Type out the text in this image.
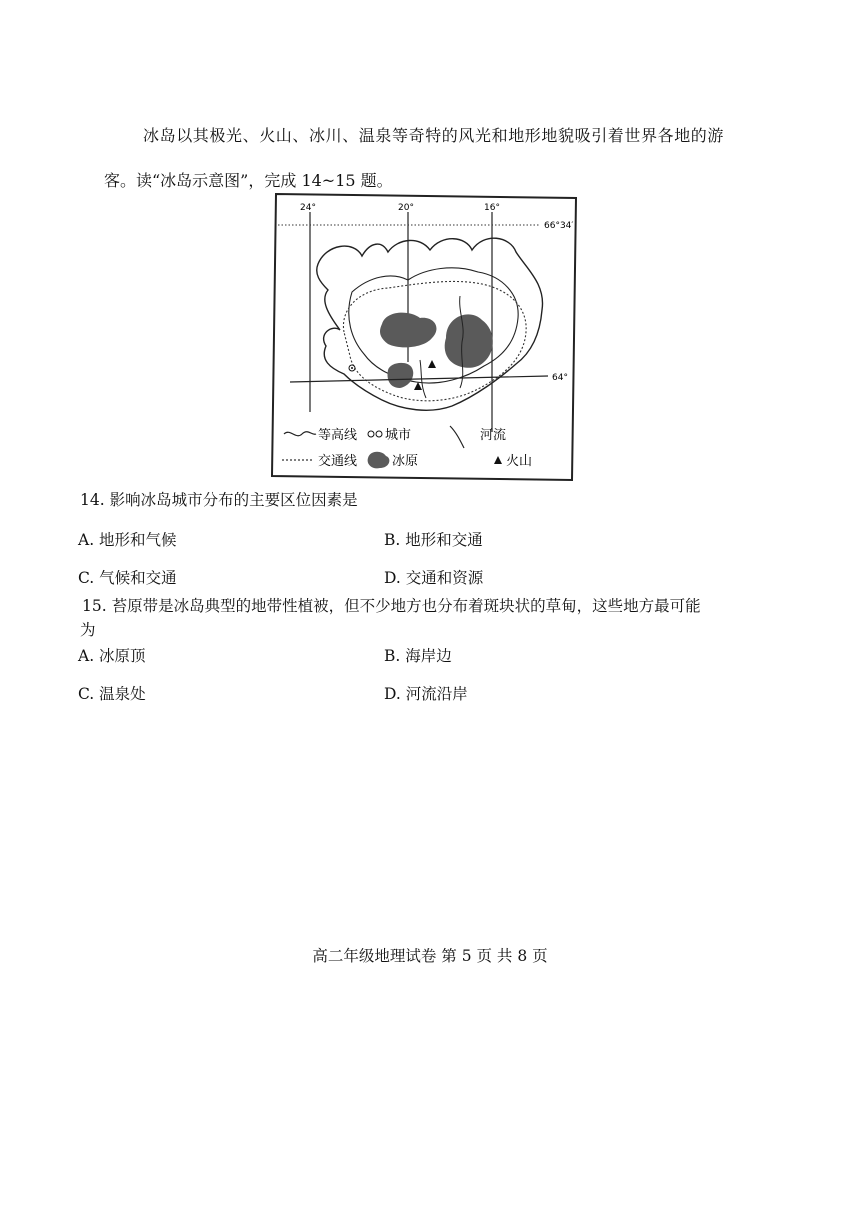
冰岛以其极光、火山、冰川、温泉等奇特的风光和地形地貌吸引着世界各地的游
客。读“冰岛示意图”，完成 14~15 题。
24°	20°	16°
66°34′
64°
等高线 城市	河流
交通线	冰原	火山
14. 影响冰岛城市分布的主要区位因素是
A. 地形和气候	B. 地形和交通
C. 气候和交通	D. 交通和资源
15. 苔原带是冰岛典型的地带性植被，但不少地方也分布着斑块状的草甸，这些地方最可能
为
A. 冰原顶	B. 海岸边
C. 温泉处	D. 河流沿岸
高二年级地理试卷 第 5 页 共 8 页
